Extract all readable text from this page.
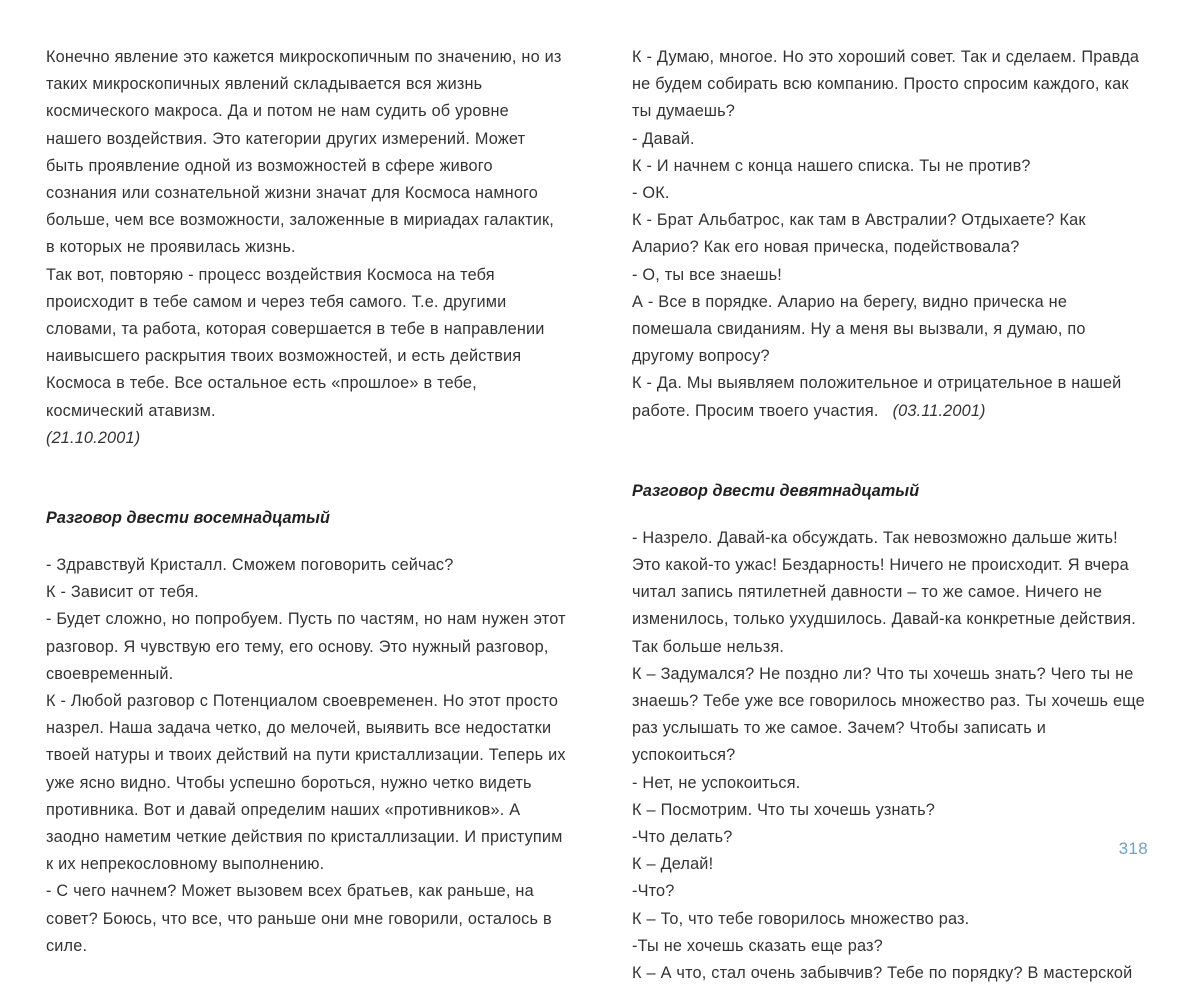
Конечно явление это кажется микроскопичным по значению, но из таких микроскопичных явлений складывается вся жизнь космического макроса. Да и потом не нам судить об уровне нашего воздействия. Это категории других измерений. Может быть проявление одной из возможностей в сфере живого сознания или сознательной жизни значат для Космоса намного больше, чем все возможности, заложенные в мириадах галактик, в которых не проявилась жизнь.

Так вот, повторяю - процесс воздействия Космоса на тебя происходит в тебе самом и через тебя самого. Т.е. другими словами, та работа, которая совершается в тебе в направлении наивысшего раскрытия твоих возможностей, и есть действия Космоса в тебе. Все остальное есть «прошлое» в тебе, космический атавизм.

(21.10.2001)

Разговор двести восемнадцатый

- Здравствуй Кристалл. Сможем поговорить сейчас?

К - Зависит от тебя.

- Будет сложно, но попробуем. Пусть по частям, но нам нужен этот разговор. Я чувствую его тему, его основу. Это нужный разговор, своевременный.

К - Любой разговор с Потенциалом своевременен. Но этот просто назрел. Наша задача четко, до мелочей, выявить все недостатки твоей натуры и твоих действий на пути кристаллизации. Теперь их уже ясно видно. Чтобы успешно бороться, нужно четко видеть противника. Вот и давай определим наших «противников». А заодно наметим четкие действия по кристаллизации. И приступим к их непрекословному выполнению.

- С чего начнем? Может вызовем всех братьев, как раньше, на совет? Боюсь, что все, что раньше они мне говорили, осталось в силе.

К - Думаю, многое. Но это хороший совет. Так и сделаем. Правда не будем собирать всю компанию. Просто спросим каждого, как ты думаешь?

- Давай.

К - И начнем с конца нашего списка. Ты не против?

- ОК.

К - Брат Альбатрос, как там в Австралии? Отдыхаете? Как Аларио? Как его новая прическа, подействовала?

- О, ты все знаешь!

А - Все в порядке. Аларио на берегу, видно прическа не помешала свиданиям. Ну а меня вы вызвали, я думаю, по другому вопросу?

К - Да. Мы выявляем положительное и отрицательное в нашей работе. Просим твоего участия. (03.11.2001)

Разговор двести девятнадцатый

- Назрело. Давай-ка обсуждать. Так невозможно дальше жить! Это какой-то ужас! Бездарность! Ничего не происходит. Я вчера читал запись пятилетней давности – то же самое. Ничего не изменилось, только ухудшилось. Давай-ка конкретные действия. Так больше нельзя.

К – Задумался? Не поздно ли? Что ты хочешь знать? Чего ты не знаешь? Тебе уже все говорилось множество раз. Ты хочешь еще раз услышать то же самое. Зачем? Чтобы записать и успокоиться?

- Нет, не успокоиться.

К – Посмотрим. Что ты хочешь узнать?

-Что делать?

К – Делай!

-Что?

К – То, что тебе говорилось множество раз.

-Ты не хочешь сказать еще раз?

К – А что, стал очень забывчив? Тебе по порядку? В мастерской

318
